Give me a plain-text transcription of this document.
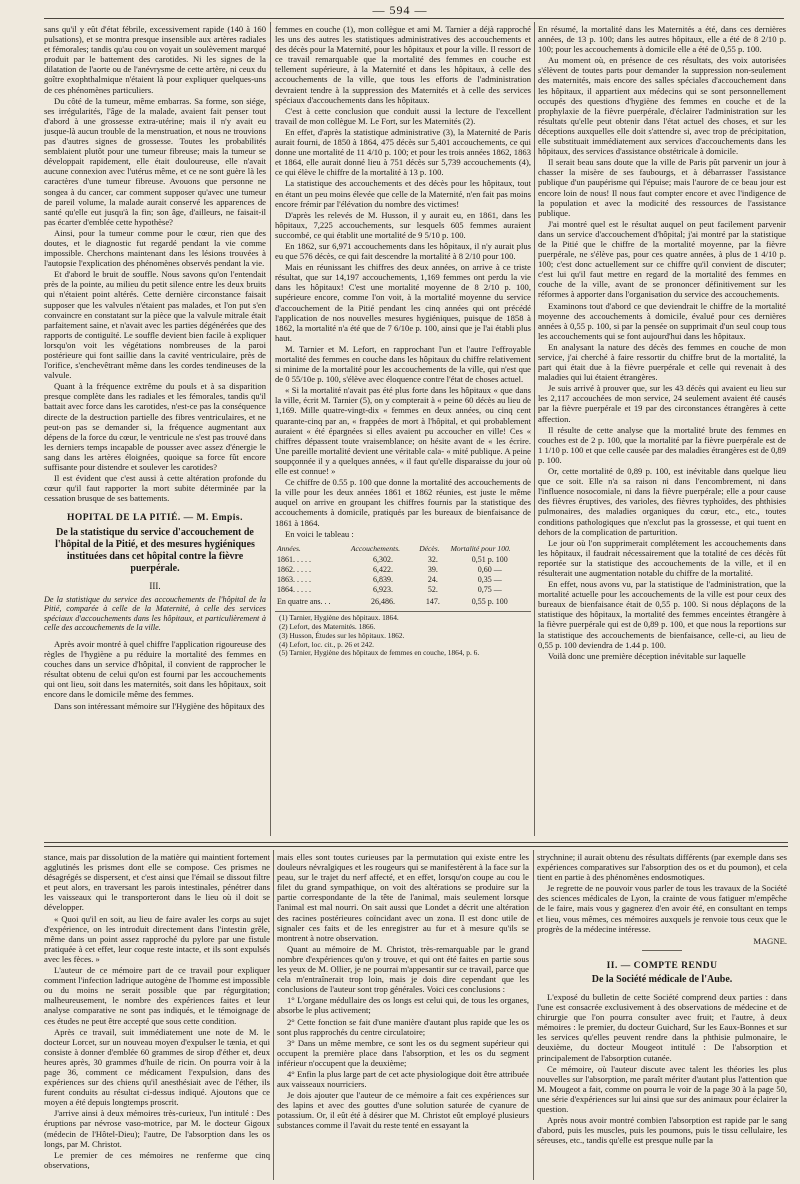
— 594 —

sans qu'il y eût d'état fébrile, excessivement rapide (140 à 160 pulsations), et se montra presque insensible aux artères radiales et fémorales; tandis qu'au cou on voyait un soulèvement marqué produit par le battement des carotides. Ni les signes de la dilatation de l'aorte ou de l'anévrysme de cette artère, ni ceux du goître exophthalmique n'étaient là pour expliquer quelques-uns de ces phénomènes particuliers.

Du côté de la tumeur, même embarras. Sa forme, son siége, ses irrégularités, l'âge de la malade, avaient fait penser tout d'abord à une grossesse extra-utérine; mais il n'y avait eu jusque-là aucun trouble de la menstruation, et nous ne trouvions pas d'autres signes de grossesse. Toutes les probabilités semblaient plutôt pour une tumeur fibreuse; mais la tumeur se développait rapidement, elle était douloureuse, elle n'avait aucune connexion avec l'utérus même, et ce ne sont guère là les caractères d'une tumeur fibreuse. Avouons que personne ne songea à du cancer, car comment supposer qu'avec une tumeur de pareil volume, la malade aurait conservé les apparences de santé qu'elle eut jusqu'à la fin; son âge, d'ailleurs, ne faisait-il pas écarter d'emblée cette hypothèse?

Ainsi, pour la tumeur comme pour le cœur, rien que des doutes, et le diagnostic fut regardé pendant la vie comme impossible. Cherchons maintenant dans les lésions trouvées à l'autopsie l'explication des phénomènes observés pendant la vie.

Et d'abord le bruit de souffle. Nous savons qu'on l'entendait près de la pointe, au milieu du petit silence entre les deux bruits qui n'étaient point altérés. Cette dernière circonstance faisait supposer que les valvules n'étaient pas malades, et l'on put s'en convaincre en constatant sur la pièce que la valvule mitrale était parfaitement saine, et n'avait avec les parties dégénérées que des rapports de contiguïté. Le souffle devient bien facile à expliquer lorsqu'on voit les végétations nombreuses de la paroi postérieure qui font saillie dans la cavité ventriculaire, près de l'orifice, s'enchevêtrant même dans les cordes tendineuses de la valvule.

Quant à la fréquence extrême du pouls et à sa disparition presque complète dans les radiales et les fémorales, tandis qu'il battait avec force dans les carotides, n'est-ce pas la conséquence directe de la destruction partielle des fibres ventriculaires, et ne peut-on pas se demander si, la fréquence augmentant aux dépens de la force du cœur, le ventricule ne s'est pas trouvé dans les derniers temps incapable de pousser avec assez d'énergie le sang dans les artères éloignées, quoique sa force fût encore suffisante pour distendre et soulever les carotides?

Il est évident que c'est aussi à cette altération profonde du cœur qu'il faut rapporter la mort subite déterminée par la cessation brusque de ses battements.

HOPITAL DE LA PITIÉ. — M. Empis.
De la statistique du service d'accouchement de l'hôpital de la Pitié, et des mesures hygiéniques instituées dans cet hôpital contre la fièvre puerpérale.
III.
De la statistique du service des accouchements de l'hôpital de la Pitié, comparée à celle de la Maternité, à celle des services spéciaux d'accouchements dans les hôpitaux, et particulièrement à celle des accouchements de la ville.

Après avoir montré à quel chiffre l'application rigoureuse des règles de l'hygiène a pu réduire la mortalité des femmes en couches dans un service d'hôpital, il convient de rapprocher le résultat obtenu de celui qu'on est fourni par les accouchements qui ont lieu, soit dans les maternités, soit dans les hôpitaux, soit encore dans le domicile même des femmes.

Dans son intéressant mémoire sur l'Hygiène des hôpitaux des

femmes en couche (1), mon collègue et ami M. Tarnier a déjà rapproché les uns des autres les statistiques administratives des accouchements et des décès pour la Maternité, pour les hôpitaux et pour la ville. Il ressort de ce travail remarquable que la mortalité des femmes en couche est tellement supérieure, à la Maternité et dans les hôpitaux, à celle des accouchements de la ville, que tous les efforts de l'administration devraient tendre à la suppression des Maternités et à celle des services spéciaux d'accouchements dans les hôpitaux.

C'est à cette conclusion que conduit aussi la lecture de l'excellent travail de mon collègue M. Le Fort, sur les Maternités (2).

En effet, d'après la statistique administrative (3), la Maternité de Paris aurait fourni, de 1850 à 1864, 475 décès sur 5,401 accouchements, ce qui donne une mortalité de 11 4/10 p. 100; et pour les trois années 1862, 1863 et 1864, elle aurait donné lieu à 751 décès sur 5,739 accouchements (4), ce qui élève le chiffre de la mortalité à 13 p. 100.

La statistique des accouchements et des décès pour les hôpitaux, tout en étant un peu moins élevée que celle de la Maternité, n'en fait pas moins encore frémir par l'élévation du nombre des victimes!

D'après les relevés de M. Husson, il y aurait eu, en 1861, dans les hôpitaux, 7,225 accouchements, sur lesquels 605 femmes auraient succombé, ce qui établit une mortalité de 9 5/10 p. 100.

En 1862, sur 6,971 accouchements dans les hôpitaux, il n'y aurait plus eu que 576 décès, ce qui fait descendre la mortalité à 8 2/10 pour 100.

Mais en réunissant les chiffres des deux années, on arrive à ce triste résultat, que sur 14,197 accouchements, 1,169 femmes ont perdu la vie dans les hôpitaux! C'est une mortalité moyenne de 8 2/10 p. 100, supérieure encore, comme l'on voit, à la mortalité moyenne du service d'accouchement de la Pitié pendant les cinq années qui ont précédé l'application de nos nouvelles mesures hygiéniques, puisque de 1858 à 1862, la mortalité n'a été que de 7 6/10e p. 100, ainsi que je l'ai établi plus haut.

M. Tarnier et M. Lefort, en rapprochant l'un et l'autre l'effroyable mortalité des femmes en couche dans les hôpitaux du chiffre relativement si minime de la mortalité pour les accouchements de la ville, qui n'est que de 0 55/10e p. 100, s'élève avec éloquence contre l'état de choses actuel.

« Si la mortalité n'avait pas été plus forte dans les hôpitaux « que dans la ville, écrit M. Tarnier (5), on y compterait à « peine 60 décès au lieu de 1,169. Mille quatre-vingt-dix « femmes en deux années, ou cinq cent quarante-cinq par an, « frappées de mort à l'hôpital, et qui probablement auraient « été épargnées si elles avaient pu accoucher en ville! Ces « chiffres dépassent toute vraisemblance; on hésite avant de « les écrire. Une pareille mortalité devient une véritable cala- « mité publique. A peine soupçonnée il y a quelques années, « il faut qu'elle disparaisse du jour où elle est connue! »

Ce chiffre de 0.55 p. 100 que donne la mortalité des accouchements de la ville pour les deux années 1861 et 1862 réunies, est juste le même auquel on arrive en groupant les chiffres fournis par la statistique des accouchements à domicile, pratiqués par les bureaux de bienfaisance de 1861 à 1864.

En voici le tableau :

Années.	Accouchements.	Décès.	Mortalité pour 100.
1861. . . . .	6,302.	32.	0,51 p. 100
1862. . . . .	6,422.	39.	0,60 —
1863. . . . .	6,839.	24.	0,35 —
1864. . . . .	6,923.	52.	0,75 —
En quatre ans. . .	26,486.	147.	0,55 p. 100
(1) Tarnier, Hygiène des hôpitaux. 1864.
(2) Lefort, des Maternités. 1866.
(3) Husson, Études sur les hôpitaux. 1862.
(4) Lefort, loc. cit., p. 26 et 242.
(5) Tarnier, Hygiène des hôpitaux de femmes en couche, 1864, p. 6.

En résumé, la mortalité dans les Maternités a été, dans ces dernières années, de 13 p. 100; dans les autres hôpitaux, elle a été de 8 2/10 p. 100; pour les accouchements à domicile elle a été de 0,55 p. 100.

Au moment où, en présence de ces résultats, des voix autorisées s'élèvent de toutes parts pour demander la suppression non-seulement des maternités, mais encore des salles spéciales d'accouchement dans les hôpitaux, il appartient aux médecins qui se sont personnellement occupés des questions d'hygiène des femmes en couche et de la prophylaxie de la fièvre puerpérale, d'éclairer l'administration sur les résultats qu'elle peut obtenir dans l'état actuel des choses, et sur les déceptions auxquelles elle doit s'attendre si, avec trop de précipitation, elle substituait immédiatement aux services d'accouchements dans les hôpitaux, des services d'assistance obstétricale à domicile.

Il serait beau sans doute que la ville de Paris pût parvenir un jour à chasser la misère de ses faubourgs, et à débarrasser l'assistance publique d'un paupérisme qui l'épuise; mais l'aurore de ce beau jour est encore loin de nous! Il nous faut compter encore et avec l'indigence de la population et avec la modicité des ressources de l'assistance publique.

J'ai montré quel est le résultat auquel on peut facilement parvenir dans un service d'accouchement d'hôpital; j'ai montré par la statistique de la Pitié que le chiffre de la mortalité moyenne, par la fièvre puerpérale, ne s'élève pas, pour ces quatre années, à plus de 1 4/10 p. 100; c'est donc actuellement sur ce chiffre qu'il convient de discuter; c'est lui qu'il faut mettre en regard de la mortalité des femmes en couche de la ville, avant de se prononcer définitivement sur les réformes à apporter dans l'organisation du service des accouchements.

Examinons tout d'abord ce que deviendrait le chiffre de la mortalité moyenne des accouchements à domicile, évalué pour ces dernières années à 0,55 p. 100, si par la pensée on supprimait d'un seul coup tous les accouchements qui se font aujourd'hui dans les hôpitaux.

En analysant la nature des décès des femmes en couche de mon service, j'ai cherché à faire ressortir du chiffre brut de la mortalité, la part qui était due à la fièvre puerpérale et celle qui revenait à des maladies qui lui étaient étrangères.

Je suis arrivé à prouver que, sur les 43 décès qui avaient eu lieu sur les 2,117 accouchées de mon service, 24 seulement avaient été causés par la fièvre puerpérale et 19 par des circonstances étrangères à cette affection.

Il résulte de cette analyse que la mortalité brute des femmes en couches est de 2 p. 100, que la mortalité par la fièvre puerpérale est de 1 1/10 p. 100 et que celle causée par des maladies étrangères est de 0,89 p. 100.

Or, cette mortalité de 0,89 p. 100, est inévitable dans quelque lieu que ce soit. Elle n'a sa raison ni dans l'encombrement, ni dans l'influence nosocomiale, ni dans la fièvre puerpérale; elle a pour cause des fièvres éruptives, des varioles, des fièvres typhoïdes, des phthisies pulmonaires, des maladies organiques du cœur, etc., etc., toutes conditions pathologiques que n'exclut pas la grossesse, et qui tuent en dehors de la complication de parturition.

Le jour où l'on supprimerait complétement les accouchements dans les hôpitaux, il faudrait nécessairement que la totalité de ces décès fût reportée sur la statistique des accouchements de la ville, et il en résulterait une augmentation notable du chiffre de la mortalité.

En effet, nous avons vu, par la statistique de l'administration, que la mortalité actuelle pour les accouchements de la ville est pour ceux des bureaux de bienfaisance était de 0,55 p. 100. Si nous déplaçons de la statistique des hôpitaux, la mortalité des femmes enceintes étrangère à la fièvre puerpérale qui est de 0,89 p. 100, et que nous la reportions sur la statistique des accouchements de bienfaisance, celle-ci, au lieu de 0,55 p. 100 deviendra de 1.44 p. 100.

Voilà donc une première déception inévitable sur laquelle

stance, mais par dissolution de la matière qui maintient fortement agglutinés les prismes dont elle se compose. Ces prismes ne désagrégés se dispersent, et c'est ainsi que l'émail se dissout filtre et peut alors, en traversant les parois intestinales, pénétrer dans les vaisseaux qui le transporteront dans le lieu où il doit se développer.

« Quoi qu'il en soit, au lieu de faire avaler les corps au sujet d'expérience, on les introduit directement dans l'intestin grêle, même dans un point assez rapproché du pylore par une fistule pratiquée à cet effet, leur coque reste intacte, et ils sont expulsés avec les fèces. »

L'auteur de ce mémoire part de ce travail pour expliquer comment l'infection ladrique autogène de l'homme est impossible ou du moins ne serait possible que par régurgitation; malheureusement, le nombre des expériences faites et leur analyse comparative ne sont pas indiqués, et le témoignage de ces études ne peut être accepté que sous cette condition.

Après ce travail, suit immédiatement une note de M. le docteur Lorcet, sur un nouveau moyen d'expulser le tænia, et qui consiste à donner d'emblée 60 grammes de sirop d'éther et, deux heures après, 30 grammes d'huile de ricin. On pourra voir à la page 36, comment ce médicament l'expulsion, dans des expériences sur des chiens qu'il anesthésiait avec de l'éther, ils furent conduits au résultat ci-dessus indiqué. Ajoutons que ce moyen a été depuis longtemps proscrit.

J'arrive ainsi à deux mémoires très-curieux, l'un intitulé : Des éruptions par névrose vaso-motrice, par M. le docteur Gigoux (médecin de l'Hôtel-Dieu); l'autre, De l'absorption dans les os longs, par M. Christot.

Le premier de ces mémoires ne renferme que cinq observations,

mais elles sont toutes curieuses par la permutation qui existe entre les douleurs névralgiques et les rougeurs qui se manifestèrent à la face sur la peau, sur le trajet du nerf affecté, et en effet, lorsqu'on coupe au cou le filet du grand sympathique, on voit des altérations se produire sur la partie correspondante de la tête de l'animal, mais seulement lorsque l'animal est mal nourri. On sait aussi que Londet a décrit une altération des racines postérieures coïncidant avec un zona. Il est donc utile de signaler ces faits et de les enregistrer au fur et à mesure qu'ils se montrent à notre observation.

Quant au mémoire de M. Christot, très-remarquable par le grand nombre d'expériences qu'on y trouve, et qui ont été faites en partie sous les yeux de M. Ollier, je ne pourrai m'appesantir sur ce travail, parce que cela m'entraînerait trop loin, mais je dois dire cependant que les conclusions de l'auteur sont trop générales. Voici ces conclusions :

1° L'organe médullaire des os longs est celui qui, de tous les organes, absorbe le plus activement;

2° Cette fonction se fait d'une manière d'autant plus rapide que les os sont plus rapprochés du centre circulatoire;

3° Dans un même membre, ce sont les os du segment supérieur qui occupent la première place dans l'absorption, et les os du segment inférieur n'occupent que la deuxième;

4° Enfin la plus large part de cet acte physiologique doit être attribuée aux vaisseaux nourriciers.

Je dois ajouter que l'auteur de ce mémoire a fait ces expériences sur des lapins et avec des gouttes d'une solution saturée de cyanure de potassium. Or, il eût été à désirer que M. Christot eût employé plusieurs substances comme il l'avait du reste tenté en essayant la

strychnine; il aurait obtenu des résultats différents (par exemple dans ses expériences comparatives sur l'absorption des os et du poumon), et cela tient en partie à des phénomènes endosmotiques.

Je regrette de ne pouvoir vous parler de tous les travaux de la Société des sciences médicales de Lyon, la crainte de vous fatiguer m'empêche de le faire, mais vous y gagnerez d'en avoir été, en consultant en temps et lieu, vous mêmes, ces mémoires auxquels je renvoie tous ceux que le progrès de la médecine intéresse.

MAGNE.
II. — COMPTE RENDU
De la Société médicale de l'Aube.

L'exposé du bulletin de cette Société comprend deux parties : dans l'une est consacrée exclusivement à des observations de médecine et de chirurgie que l'on pourra consulter avec fruit; et l'autre, à deux mémoires : le premier, du docteur Guichard, Sur les Eaux-Bonnes et sur les services qu'elles peuvent rendre dans la phthisie pulmonaire, le deuxième, du docteur Mougeot intitulé : De l'absorption et principalement de l'absorption cutanée.

Ce mémoire, où l'auteur discute avec talent les théories les plus nouvelles sur l'absorption, me paraît mériter d'autant plus l'attention que M. Mougeot a fait, comme on pourra le voir de la page 30 à la page 50, une série d'expériences sur lui ainsi que sur des animaux pour éclairer la question.

Après nous avoir montré combien l'absorption est rapide par le sang d'abord, puis les muscles, puis les poumons, puis le tissu cellulaire, les séreuses, etc., tandis qu'elle est presque nulle par la
